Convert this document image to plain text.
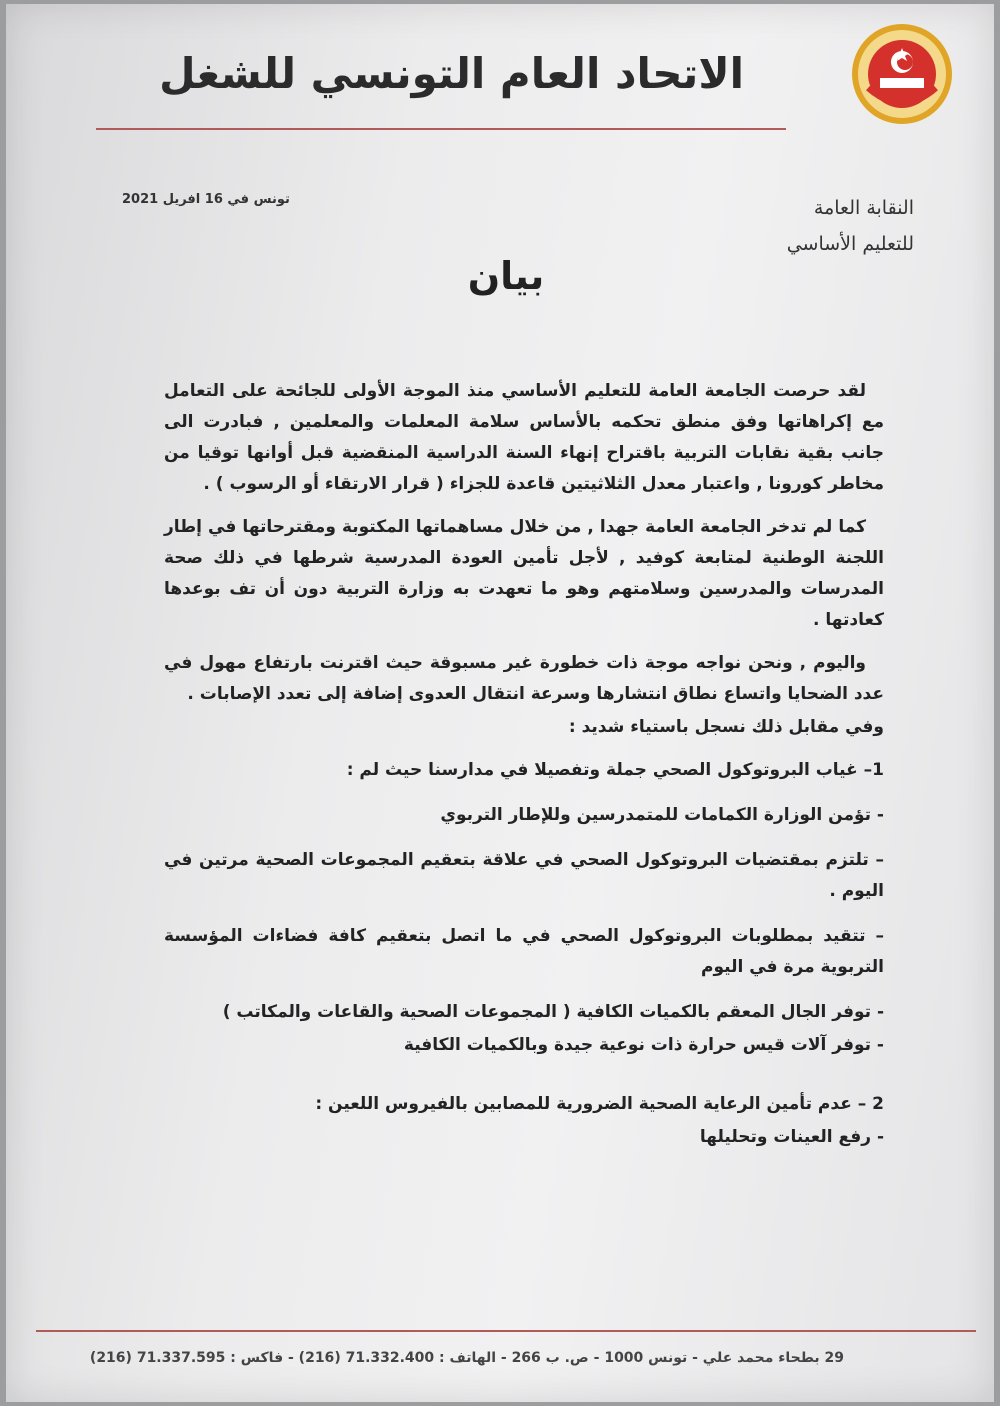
الاتحاد العام التونسي للشغل
النقابة العامة
للتعليم الأساسي
تونس في 16 افريل 2021
بيان

لقد حرصت الجامعة العامة للتعليم الأساسي منذ الموجة الأولى للجائحة على التعامل مع إكراهاتها وفق منطق تحكمه بالأساس سلامة المعلمات والمعلمين , فبادرت الى جانب بقية نقابات التربية باقتراح إنهاء السنة الدراسية المنقضية قبل أوانها توقيا من مخاطر كورونا , واعتبار معدل الثلاثيتين قاعدة للجزاء ( قرار الارتقاء أو الرسوب ) .

كما لم تدخر الجامعة العامة جهدا , من خلال مساهماتها المكتوبة ومقترحاتها في إطار اللجنة الوطنية لمتابعة كوفيد , لأجل تأمين العودة المدرسية شرطها في ذلك صحة المدرسات والمدرسين وسلامتهم وهو ما تعهدت به وزارة التربية دون أن تف بوعدها كعادتها .

واليوم , ونحن نواجه موجة ذات خطورة غير مسبوقة حيث اقترنت بارتفاع مهول في عدد الضحايا واتساع نطاق انتشارها وسرعة انتقال العدوى إضافة إلى تعدد الإصابات .

وفي مقابل ذلك نسجل باستياء شديد :

1– غياب البروتوكول الصحي جملة وتفصيلا في مدارسنا حيث لم :

- تؤمن الوزارة الكمامات للمتمدرسين وللإطار التربوي

– تلتزم بمقتضيات البروتوكول الصحي في علاقة بتعقيم المجموعات الصحية مرتين في اليوم .

– تتقيد بمطلوبات البروتوكول الصحي في ما اتصل بتعقيم كافة فضاءات المؤسسة التربوية مرة في اليوم

- توفر الجال المعقم بالكميات الكافية ( المجموعات الصحية والقاعات والمكاتب )

- توفر آلات قيس حرارة ذات نوعية جيدة وبالكميات الكافية

2 – عدم تأمين الرعاية الصحية الضرورية للمصابين بالفيروس اللعين :

- رفع العينات وتحليلها

29 بطحاء محمد علي - تونس 1000 - ص. ب 266 - الهاتف : 71.332.400 (216) - فاكس : 71.337.595 (216)
